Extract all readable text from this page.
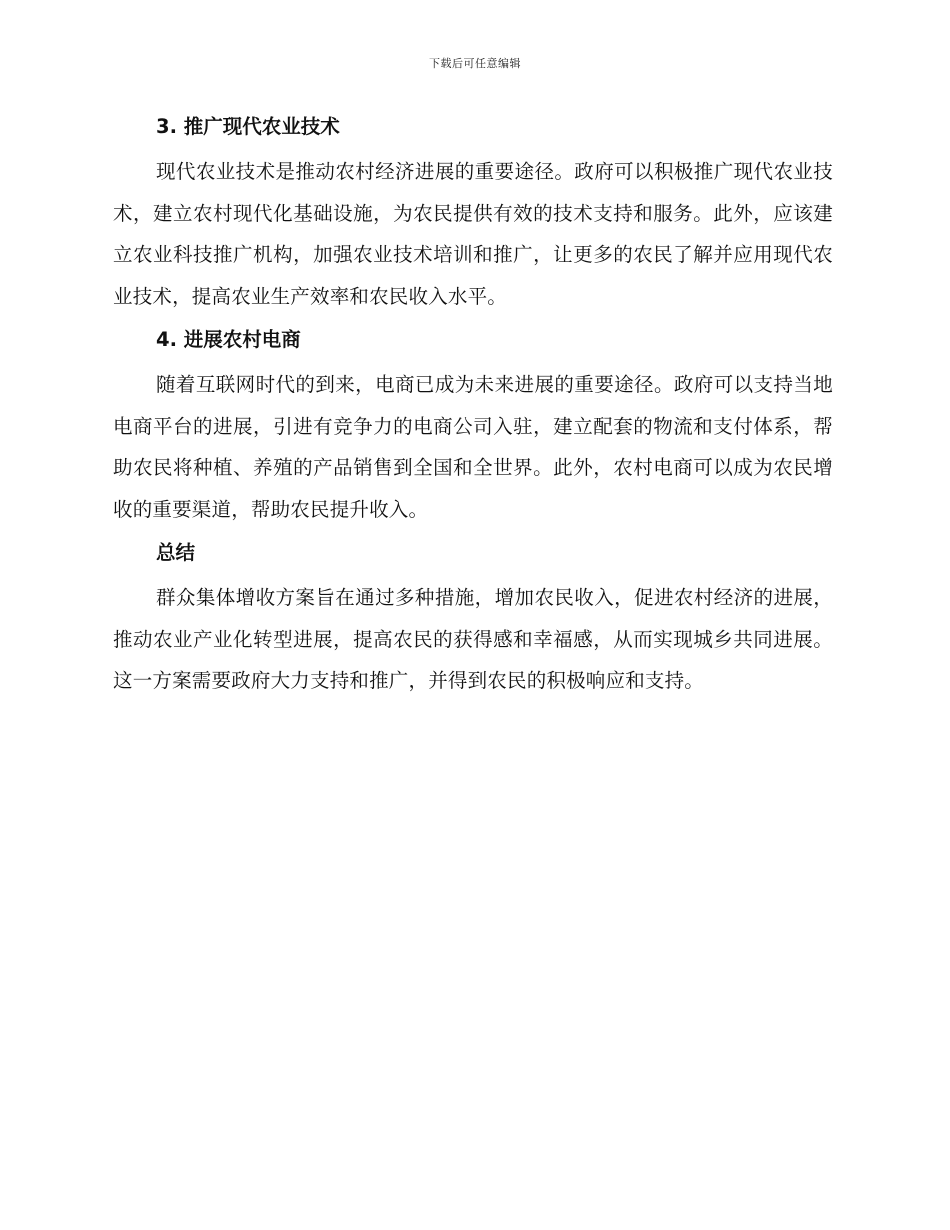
下载后可任意编辑
3. 推广现代农业技术

现代农业技术是推动农村经济进展的重要途径。政府可以积极推广现代农业技术，建立农村现代化基础设施，为农民提供有效的技术支持和服务。此外，应该建立农业科技推广机构，加强农业技术培训和推广，让更多的农民了解并应用现代农业技术，提高农业生产效率和农民收入水平。

4. 进展农村电商

随着互联网时代的到来，电商已成为未来进展的重要途径。政府可以支持当地电商平台的进展，引进有竞争力的电商公司入驻，建立配套的物流和支付体系，帮助农民将种植、养殖的产品销售到全国和全世界。此外，农村电商可以成为农民增收的重要渠道，帮助农民提升收入。

总结

群众集体增收方案旨在通过多种措施，增加农民收入，促进农村经济的进展，推动农业产业化转型进展，提高农民的获得感和幸福感，从而实现城乡共同进展。这一方案需要政府大力支持和推广，并得到农民的积极响应和支持。
